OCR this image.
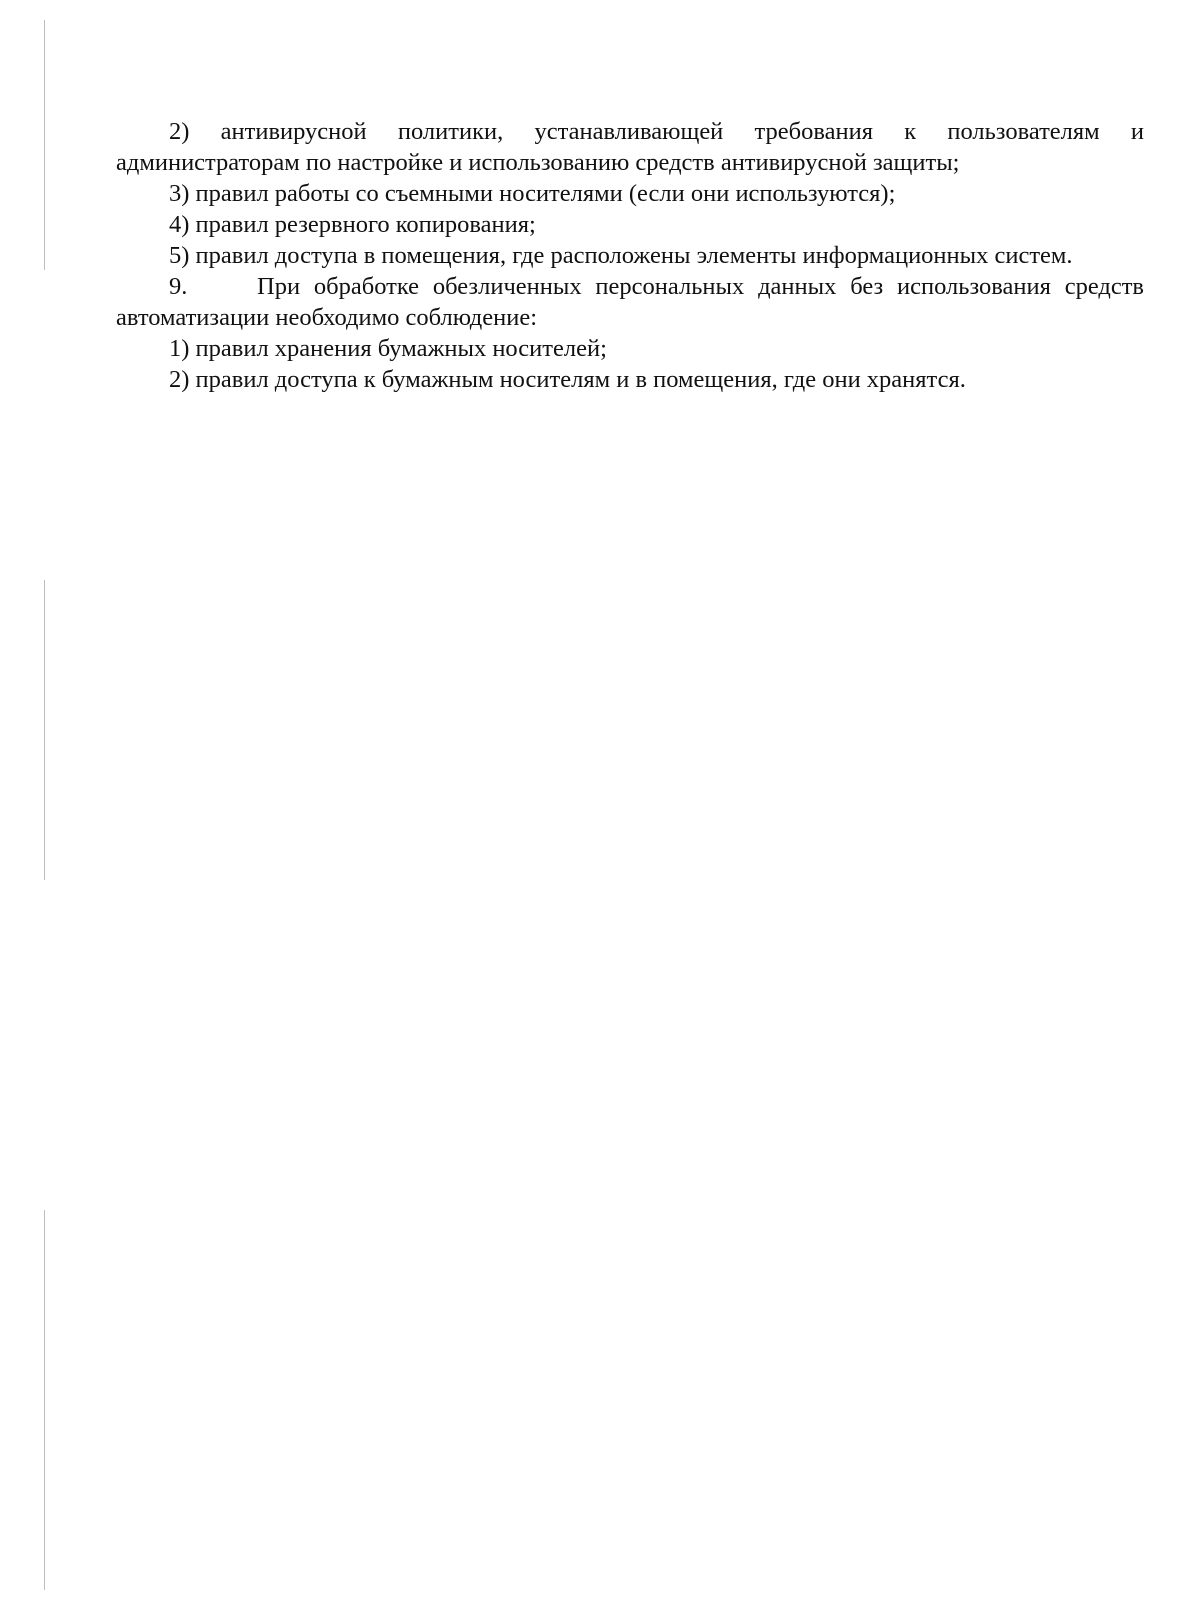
2) антивирусной политики, устанавливающей требования к пользователям и администраторам по настройке и использованию средств антивирусной защиты;

3) правил работы со съемными носителями (если они используются);

4) правил резервного копирования;

5) правил доступа в помещения, где расположены элементы информационных систем.

9.	При обработке обезличенных персональных данных без использования средств автоматизации необходимо соблюдение:

1) правил хранения бумажных носителей;

2) правил доступа к бумажным носителям и в помещения, где они хранятся.
